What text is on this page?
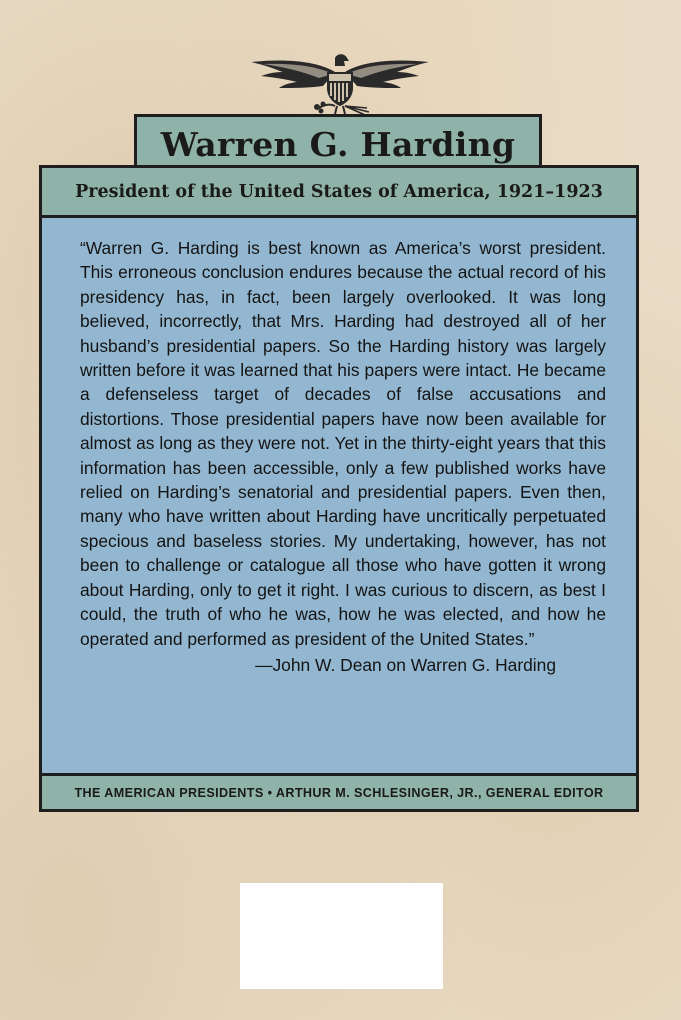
Warren G. Harding
President of the United States of America, 1921–1923

“Warren G. Harding is best known as America’s worst president. This erroneous conclusion endures because the actual record of his presidency has, in fact, been largely overlooked. It was long believed, incorrectly, that Mrs. Harding had destroyed all of her husband’s presidential papers. So the Harding history was largely written before it was learned that his papers were intact. He became a defenseless target of decades of false accusations and distortions. Those presidential papers have now been available for almost as long as they were not. Yet in the thirty-eight years that this information has been accessible, only a few published works have relied on Harding’s senatorial and presidential papers. Even then, many who have written about Harding have uncritically perpetuated specious and baseless stories. My undertaking, however, has not been to challenge or catalogue all those who have gotten it wrong about Harding, only to get it right. I was curious to discern, as best I could, the truth of who he was, how he was elected, and how he operated and performed as president of the United States.”

—John W. Dean on Warren G. Harding

THE AMERICAN PRESIDENTS • ARTHUR M. SCHLESINGER, JR., GENERAL EDITOR
